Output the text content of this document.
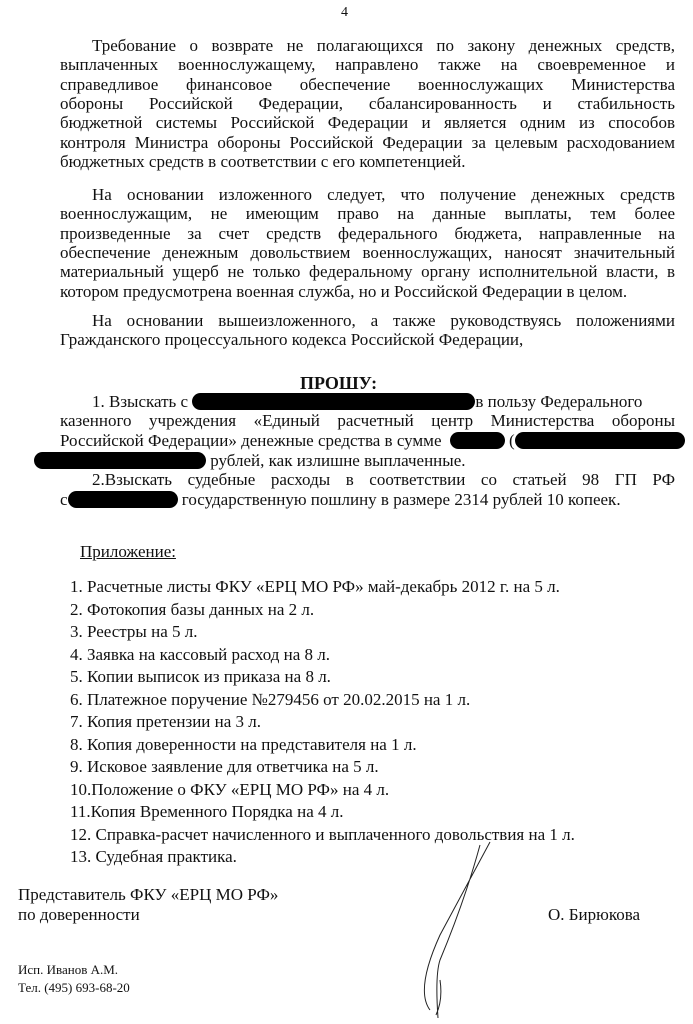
4
Требование о возврате не полагающихся по закону денежных средств,
выплаченных военнослужащему, направлено также на своевременное и
справедливое финансовое обеспечение военнослужащих Министерства
обороны Российской Федерации, сбалансированность и стабильность
бюджетной системы Российской Федерации и является одним из способов
контроля Министра обороны Российской Федерации за целевым расходованием
бюджетных средств в соответствии с его компетенцией.
На основании изложенного следует, что получение денежных средств
военнослужащим, не имеющим право на данные выплаты, тем более
произведенные за счет средств федерального бюджета, направленные на
обеспечение денежным довольствием военнослужащих, наносят значительный
материальный ущерб не только федеральному органу исполнительной власти, в
котором предусмотрена военная служба, но и Российской Федерации в целом.
На основании вышеизложенного, а также руководствуясь положениями
Гражданского процессуального кодекса Российской Федерации,
ПРОШУ:
1. Взыскать с	в пользу Федерального
казенного учреждения «Единый расчетный центр Министерства обороны
Российской Федерации» денежные средства в сумме	(
рублей, как излишне выплаченные.
2.Взыскать судебные расходы в соответствии со статьей 98 ГП РФ
с	государственную пошлину в размере 2314 рублей 10 копеек.
Приложение:
1. Расчетные листы ФКУ «ЕРЦ МО РФ» май-декабрь 2012 г. на 5 л.
2. Фотокопия базы данных на 2 л.
3. Реестры на 5 л.
4. Заявка на кассовый расход на 8 л.
5. Копии выписок из приказа на 8 л.
6. Платежное поручение №279456 от 20.02.2015 на 1 л.
7. Копия претензии на 3 л.
8. Копия доверенности на представителя на 1 л.
9. Исковое заявление для ответчика на 5 л.
10.Положение о ФКУ «ЕРЦ МО РФ» на 4 л.
11.Копия Временного Порядка на 4 л.
12. Справка-расчет начисленного и выплаченного довольствия на 1 л.
13. Судебная практика.
Представитель ФКУ «ЕРЦ МО РФ»
по доверенности	О. Бирюкова
Исп. Иванов А.М.
Тел. (495) 693-68-20
